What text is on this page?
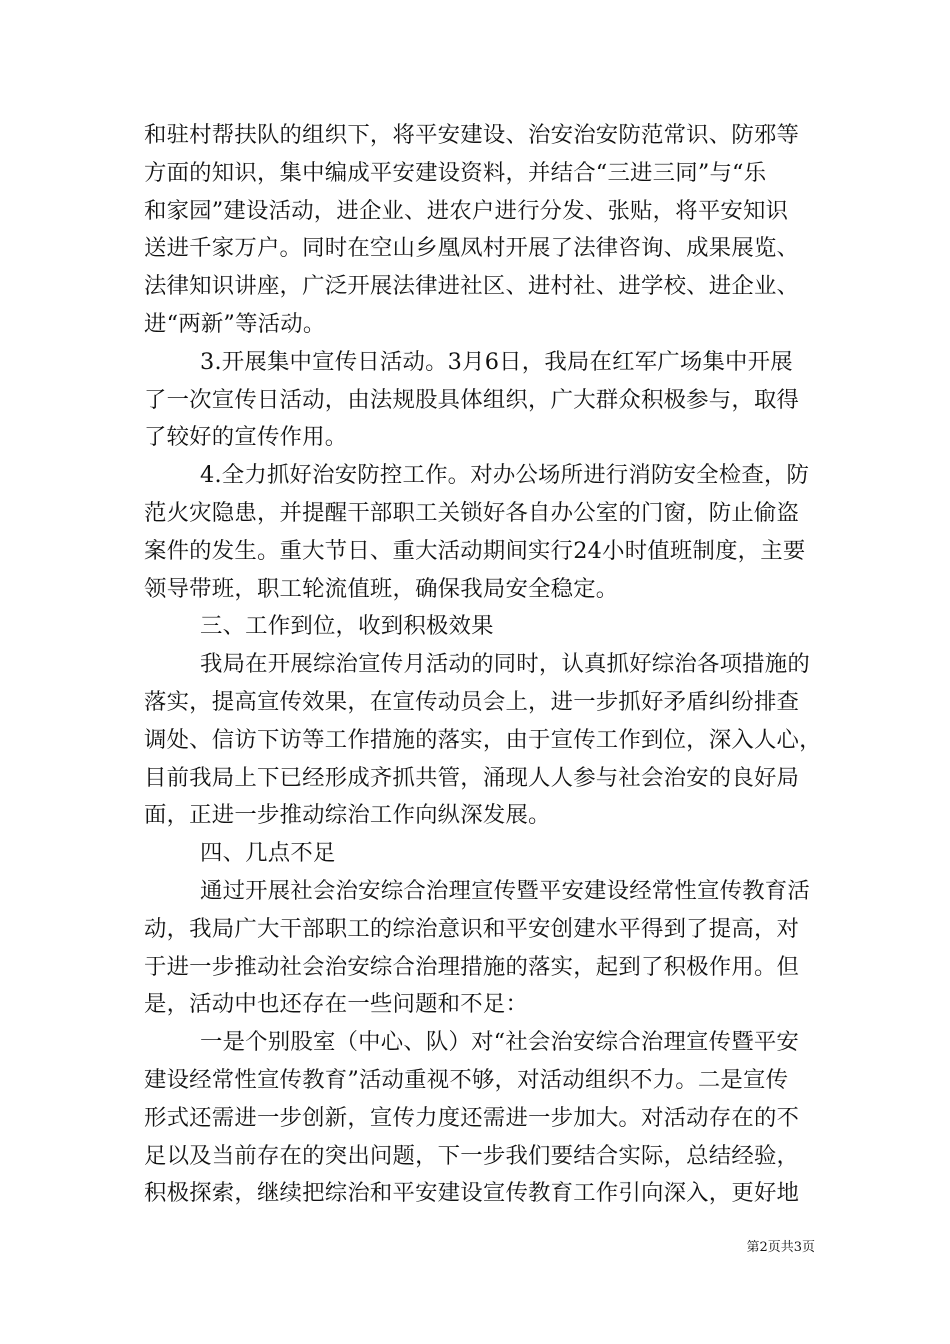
和驻村帮扶队的组织下，将平安建设、治安治安防范常识、防邪等
方面的知识，集中编成平安建设资料，并结合“三进三同”与“乐
和家园”建设活动，进企业、进农户进行分发、张贴，将平安知识
送进千家万户。同时在空山乡凰凤村开展了法律咨询、成果展览、
法律知识讲座，广泛开展法律进社区、进村社、进学校、进企业、
进“两新”等活动。
3.开展集中宣传日活动。3月6日，我局在红军广场集中开展
了一次宣传日活动，由法规股具体组织，广大群众积极参与，取得
了较好的宣传作用。
4.全力抓好治安防控工作。对办公场所进行消防安全检查，防
范火灾隐患，并提醒干部职工关锁好各自办公室的门窗，防止偷盗
案件的发生。重大节日、重大活动期间实行24小时值班制度，主要
领导带班，职工轮流值班，确保我局安全稳定。
三、工作到位，收到积极效果
我局在开展综治宣传月活动的同时，认真抓好综治各项措施的
落实，提高宣传效果，在宣传动员会上，进一步抓好矛盾纠纷排查
调处、信访下访等工作措施的落实，由于宣传工作到位，深入人心，
目前我局上下已经形成齐抓共管，涌现人人参与社会治安的良好局
面，正进一步推动综治工作向纵深发展。
四、几点不足
通过开展社会治安综合治理宣传暨平安建设经常性宣传教育活
动，我局广大干部职工的综治意识和平安创建水平得到了提高，对
于进一步推动社会治安综合治理措施的落实，起到了积极作用。但
是，活动中也还存在一些问题和不足：
一是个别股室（中心、队）对“社会治安综合治理宣传暨平安
建设经常性宣传教育”活动重视不够，对活动组织不力。二是宣传
形式还需进一步创新，宣传力度还需进一步加大。对活动存在的不
足以及当前存在的突出问题，下一步我们要结合实际，总结经验，
积极探索，继续把综治和平安建设宣传教育工作引向深入，更好地
第2页共3页
